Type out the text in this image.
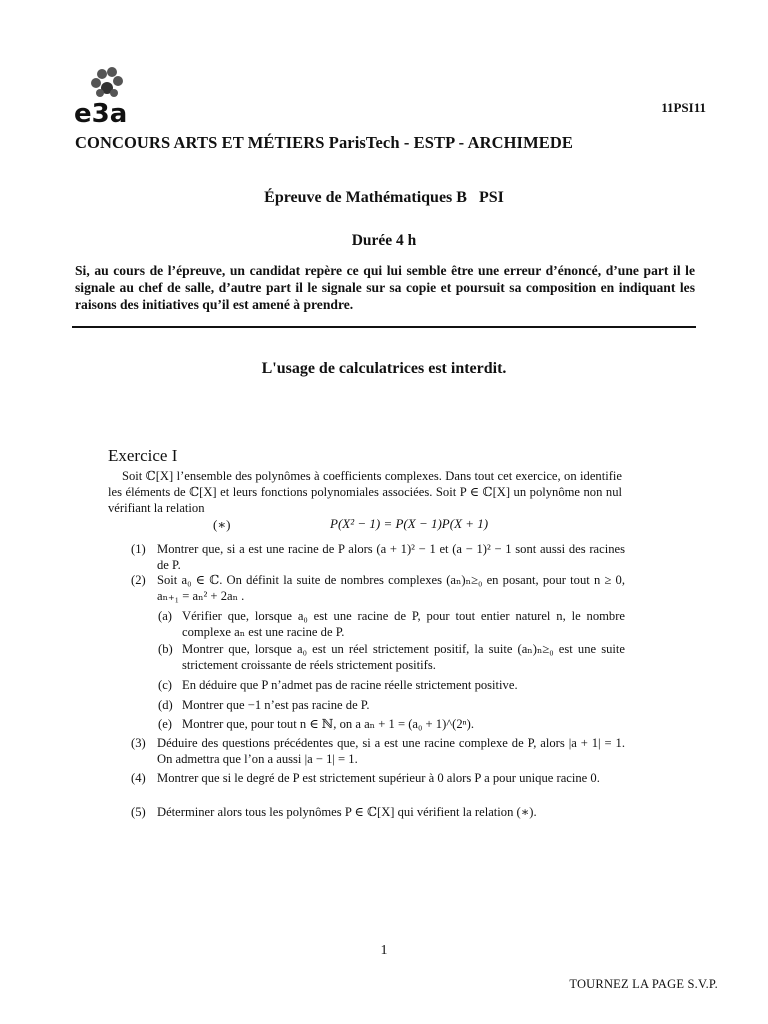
e3a	11PSI11
CONCOURS ARTS ET MÉTIERS ParisTech - ESTP - ARCHIMEDE
Épreuve de Mathématiques B   PSI
Durée 4 h
Si, au cours de l’épreuve, un candidat repère ce qui lui semble être une erreur d’énoncé, d’une part il le signale au chef de salle, d’autre part il le signale sur sa copie et poursuit sa composition en indiquant les raisons des initiatives qu’il est amené à prendre.
L'usage de calculatrices est interdit.
Exercice I
Soit ℂ[X] l’ensemble des polynômes à coefficients complexes. Dans tout cet exercice, on identifie les éléments de ℂ[X] et leurs fonctions polynomiales associées. Soit P ∈ ℂ[X] un polynôme non nul vérifiant la relation
(∗)	P(X² − 1) = P(X − 1)P(X + 1)
(1) Montrer que, si a est une racine de P alors (a + 1)² − 1 et (a − 1)² − 1 sont aussi des racines de P.
(2) Soit a₀ ∈ ℂ. On définit la suite de nombres complexes (aₙ)ₙ≥₀ en posant, pour tout n ≥ 0, aₙ₊₁ = aₙ² + 2aₙ .
(a) Vérifier que, lorsque a₀ est une racine de P, pour tout entier naturel n, le nombre complexe aₙ est une racine de P.
(b) Montrer que, lorsque a₀ est un réel strictement positif, la suite (aₙ)ₙ≥₀ est une suite strictement croissante de réels strictement positifs.
(c) En déduire que P n’admet pas de racine réelle strictement positive.
(d) Montrer que −1 n’est pas racine de P.
(e) Montrer que, pour tout n ∈ ℕ, on a aₙ + 1 = (a₀ + 1)^(2ⁿ).
(3) Déduire des questions précédentes que, si a est une racine complexe de P, alors |a + 1| = 1. On admettra que l’on a aussi |a − 1| = 1.
(4) Montrer que si le degré de P est strictement supérieur à 0 alors P a pour unique racine 0.
(5) Déterminer alors tous les polynômes P ∈ ℂ[X] qui vérifient la relation (∗).
1
TOURNEZ LA PAGE S.V.P.
